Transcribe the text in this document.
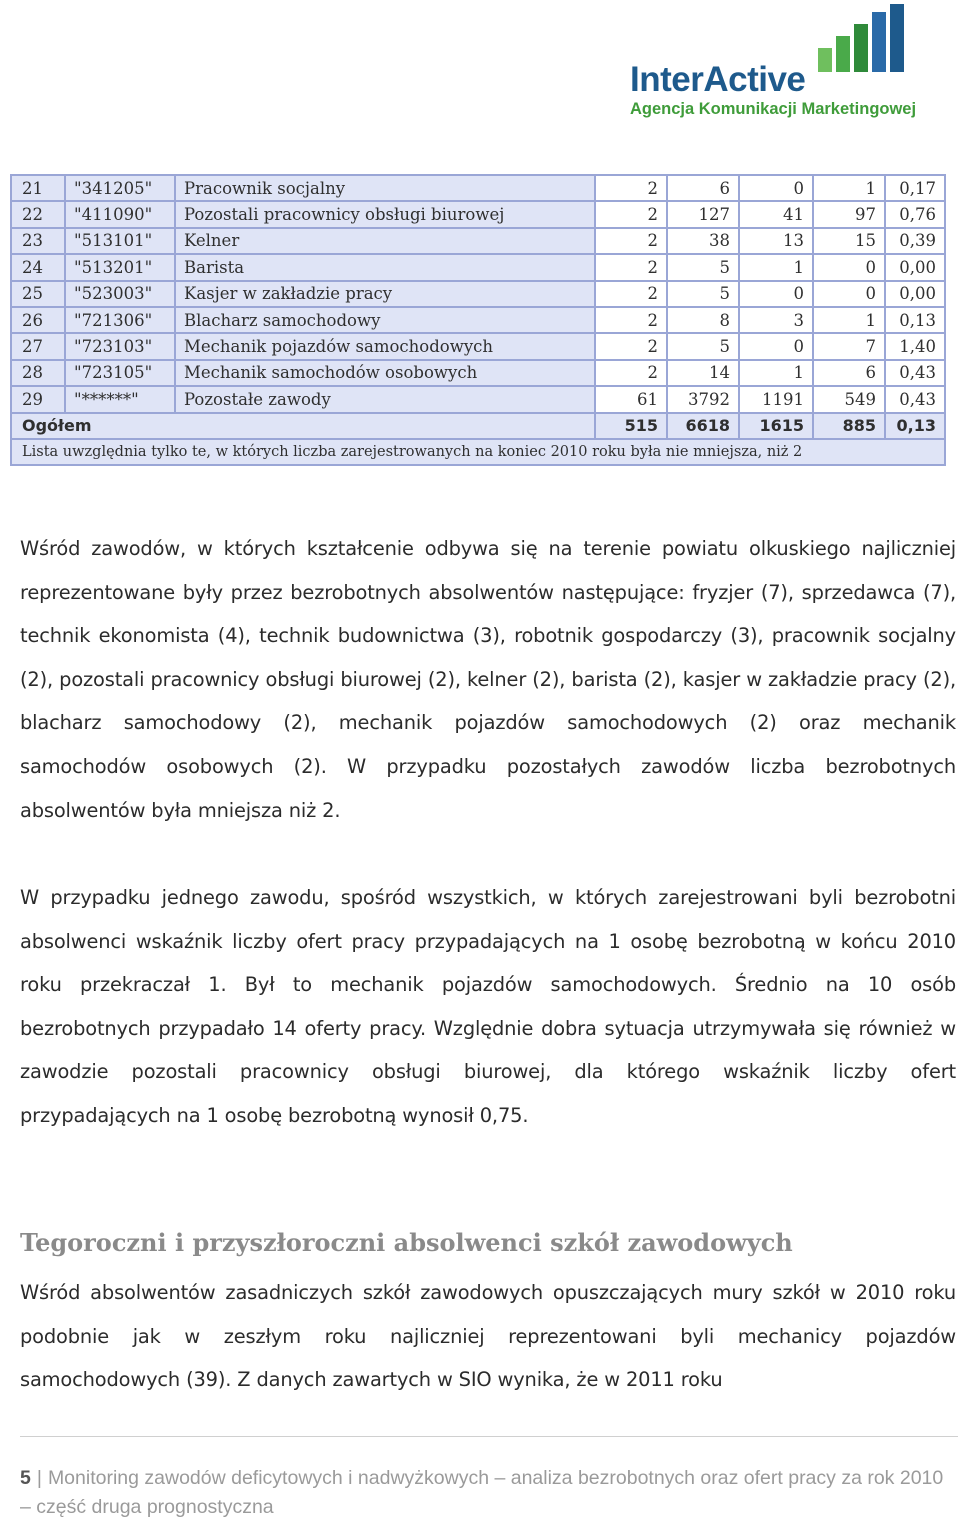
InterActive
Agencja Komunikacji Marketingowej
21	"341205"	Pracownik socjalny	2	6	0	1	0,17
22	"411090"	Pozostali pracownicy obsługi biurowej	2	127	41	97	0,76
23	"513101"	Kelner	2	38	13	15	0,39
24	"513201"	Barista	2	5	1	0	0,00
25	"523003"	Kasjer w zakładzie pracy	2	5	0	0	0,00
26	"721306"	Blacharz samochodowy	2	8	3	1	0,13
27	"723103"	Mechanik pojazdów samochodowych	2	5	0	7	1,40
28	"723105"	Mechanik samochodów osobowych	2	14	1	6	0,43
29	"******"	Pozostałe zawody	61	3792	1191	549	0,43
Ogółem			515	6618	1615	885	0,13
Lista uwzględnia tylko te, w których liczba zarejestrowanych na koniec 2010 roku była nie mniejsza, niż 2							

Wśród zawodów, w których kształcenie odbywa się na terenie powiatu olkuskiego najliczniej reprezentowane były przez bezrobotnych absolwentów następujące: fryzjer (7), sprzedawca (7), technik ekonomista (4), technik budownictwa (3), robotnik gospodarczy (3), pracownik socjalny (2), pozostali pracownicy obsługi biurowej (2), kelner (2), barista (2), kasjer w zakładzie pracy (2), blacharz samochodowy (2), mechanik pojazdów samochodowych (2) oraz mechanik samochodów osobowych (2). W przypadku pozostałych zawodów liczba bezrobotnych absolwentów była mniejsza niż 2.

W przypadku jednego zawodu, spośród wszystkich, w których zarejestrowani byli bezrobotni absolwenci wskaźnik liczby ofert pracy przypadających na 1 osobę bezrobotną w końcu 2010 roku przekraczał 1. Był to mechanik pojazdów samochodowych. Średnio na 10 osób bezrobotnych przypadało 14 oferty pracy. Względnie dobra sytuacja utrzymywała się również w zawodzie pozostali pracownicy obsługi biurowej, dla którego wskaźnik liczby ofert przypadających na 1 osobę bezrobotną wynosił 0,75.

Tegoroczni i przyszłoroczni absolwenci szkół zawodowych

Wśród absolwentów zasadniczych szkół zawodowych opuszczających mury szkół w 2010 roku podobnie jak w zeszłym roku najliczniej reprezentowani byli mechanicy pojazdów samochodowych (39). Z danych zawartych w SIO wynika, że w 2011 roku

5 | Monitoring zawodów deficytowych i nadwyżkowych – analiza bezrobotnych oraz ofert pracy za rok 2010 – część druga prognostyczna
